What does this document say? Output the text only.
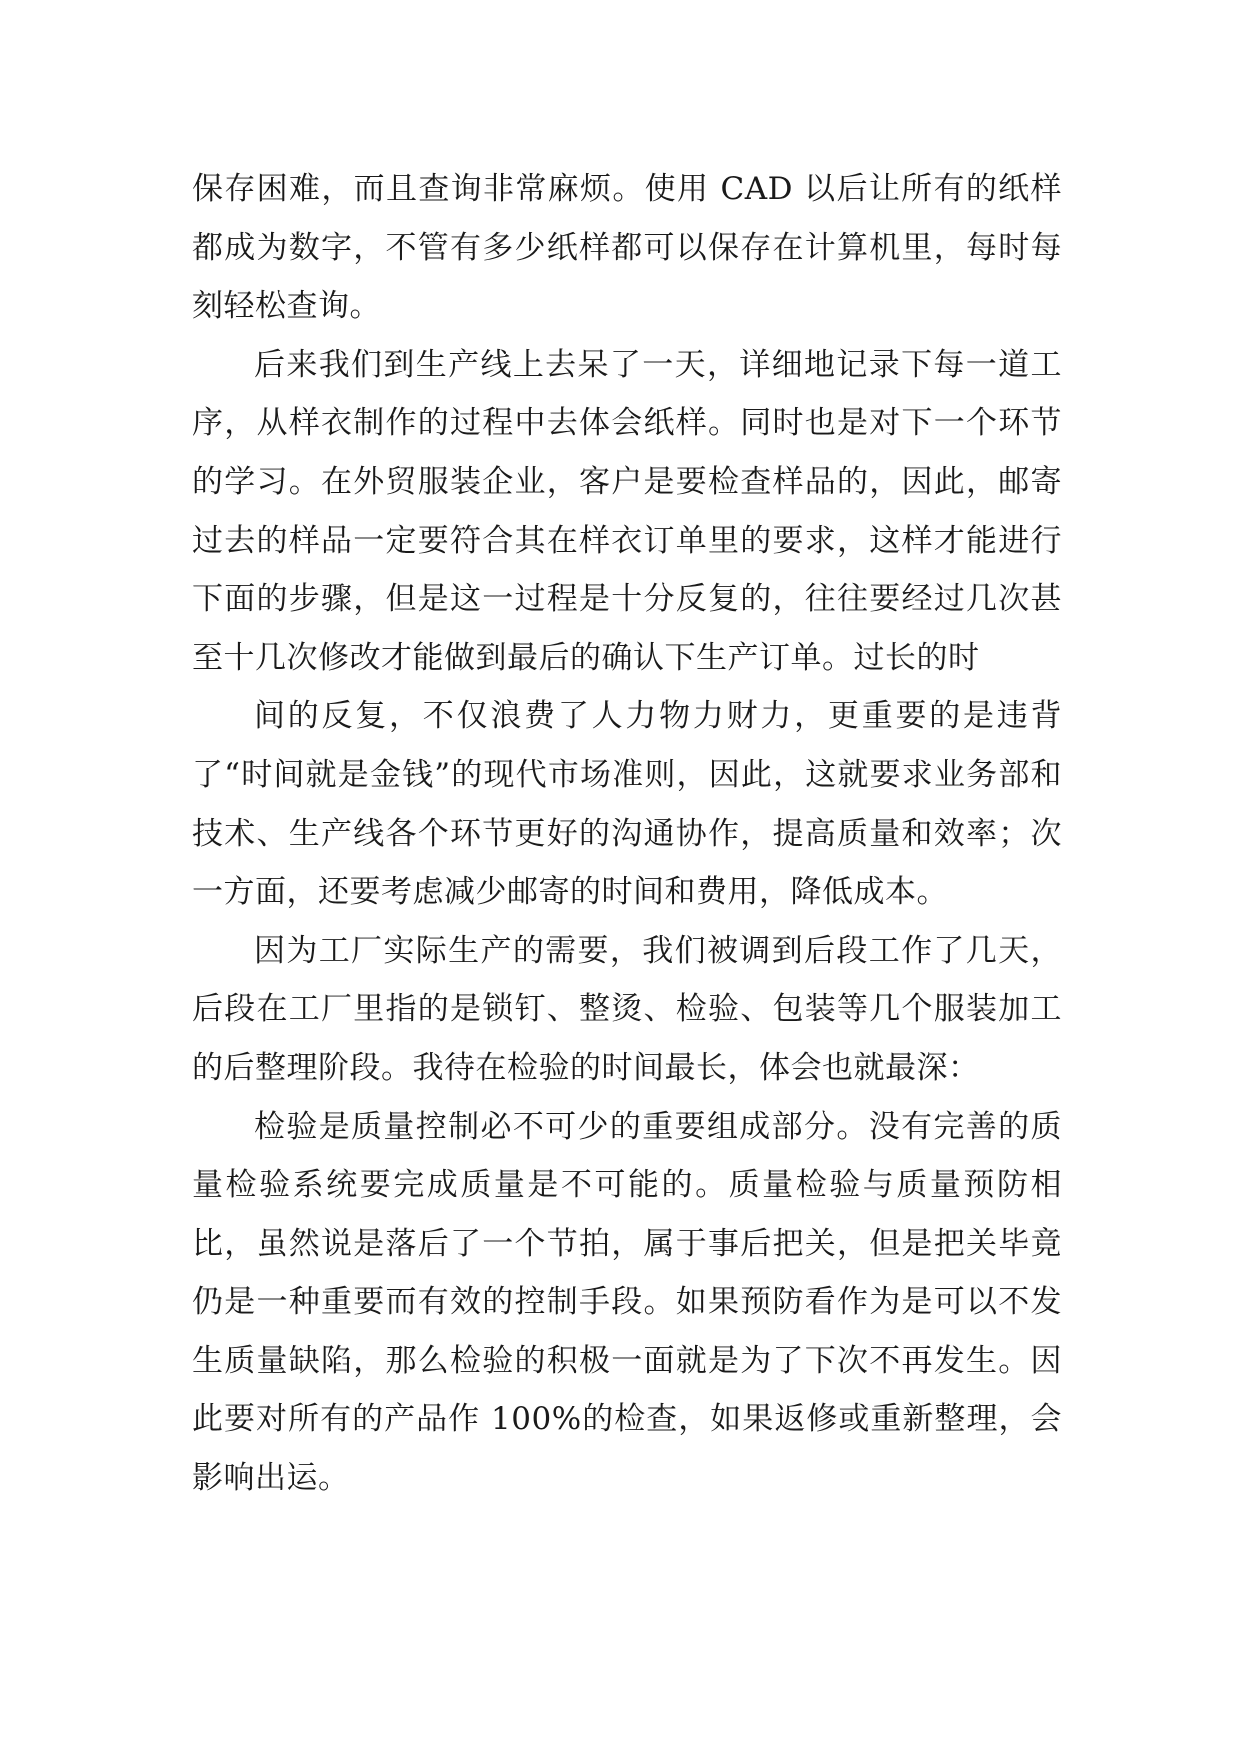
保存困难，而且查询非常麻烦。使用 CAD 以后让所有的纸样都成为数字，不管有多少纸样都可以保存在计算机里，每时每刻轻松查询。

后来我们到生产线上去呆了一天，详细地记录下每一道工序，从样衣制作的过程中去体会纸样。同时也是对下一个环节的学习。在外贸服装企业，客户是要检查样品的，因此，邮寄过去的样品一定要符合其在样衣订单里的要求，这样才能进行下面的步骤，但是这一过程是十分反复的，往往要经过几次甚至十几次修改才能做到最后的确认下生产订单。过长的时

间的反复，不仅浪费了人力物力财力，更重要的是违背了“时间就是金钱”的现代市场准则，因此，这就要求业务部和技术、生产线各个环节更好的沟通协作，提高质量和效率；次一方面，还要考虑减少邮寄的时间和费用，降低成本。

因为工厂实际生产的需要，我们被调到后段工作了几天，后段在工厂里指的是锁钉、整烫、检验、包装等几个服装加工的后整理阶段。我待在检验的时间最长，体会也就最深：

检验是质量控制必不可少的重要组成部分。没有完善的质量检验系统要完成质量是不可能的。质量检验与质量预防相比，虽然说是落后了一个节拍，属于事后把关，但是把关毕竟仍是一种重要而有效的控制手段。如果预防看作为是可以不发生质量缺陷，那么检验的积极一面就是为了下次不再发生。因此要对所有的产品作 100%的检查，如果返修或重新整理，会影响出运。
